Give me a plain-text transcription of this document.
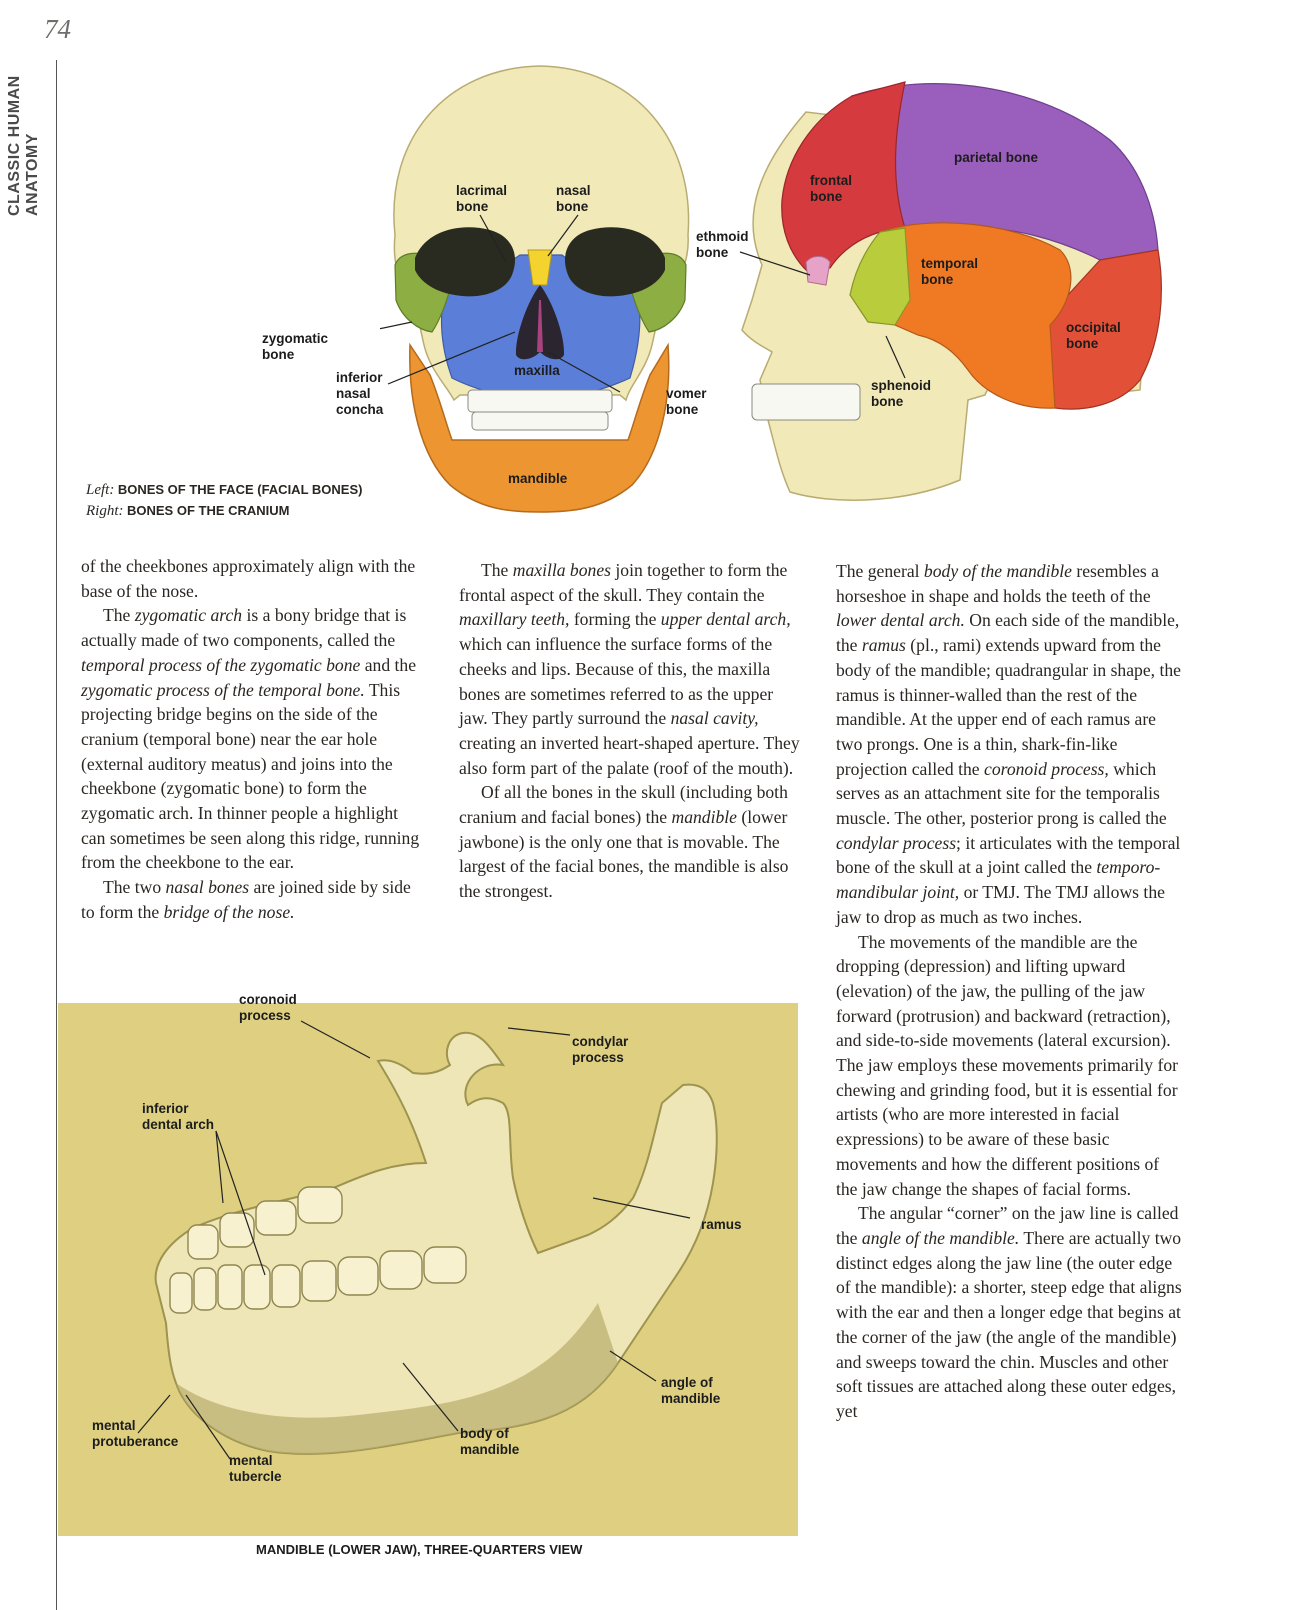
74
CLASSIC HUMAN ANATOMY	lacrimal
bone
nasal
bone
zygomatic
bone
inferior
nasal
concha
maxilla
vomer
bone
mandible
parietal bone
frontal
bone
ethmoid
bone
temporal
bone
occipital
bone
sphenoid
bone
Left: BONES OF THE FACE (FACIAL BONES)
Right: BONES OF THE CRANIUM

of the cheekbones approximately align with the base of the nose.

The zygomatic arch is a bony bridge that is actually made of two components, called the temporal process of the zygomatic bone and the zygomatic process of the temporal bone. This projecting bridge begins on the side of the cranium (temporal bone) near the ear hole (external auditory meatus) and joins into the cheekbone (zygomatic bone) to form the zygomatic arch. In thinner people a highlight can sometimes be seen along this ridge, running from the cheekbone to the ear.

The two nasal bones are joined side by side to form the bridge of the nose.

The maxilla bones join together to form the frontal aspect of the skull. They contain the maxillary teeth, forming the upper dental arch, which can influence the surface forms of the cheeks and lips. Because of this, the maxilla bones are sometimes referred to as the upper jaw. They partly surround the nasal cavity, creating an inverted heart-shaped aperture. They also form part of the palate (roof of the mouth).

Of all the bones in the skull (including both cranium and facial bones) the mandible (lower jawbone) is the only one that is movable. The largest of the facial bones, the mandible is also the strongest.

The general body of the mandible resembles a horseshoe in shape and holds the teeth of the lower dental arch. On each side of the mandible, the ramus (pl., rami) extends upward from the body of the mandible; quadrangular in shape, the ramus is thinner-walled than the rest of the mandible. At the upper end of each ramus are two prongs. One is a thin, shark-fin-like projection called the coronoid process, which serves as an attachment site for the temporalis muscle. The other, posterior prong is called the condylar process; it articulates with the temporal bone of the skull at a joint called the temporo-mandibular joint, or TMJ. The TMJ allows the jaw to drop as much as two inches.

The movements of the mandible are the dropping (depression) and lifting upward (elevation) of the jaw, the pulling of the jaw forward (protrusion) and backward (retraction), and side-to-side movements (lateral excursion). The jaw employs these movements primarily for chewing and grinding food, but it is essential for artists (who are more interested in facial expressions) to be aware of these basic movements and how the different positions of the jaw change the shapes of facial forms.

The angular “corner” on the jaw line is called the angle of the mandible. There are actually two distinct edges along the jaw line (the outer edge of the mandible): a shorter, steep edge that aligns with the ear and then a longer edge that begins at the corner of the jaw (the angle of the mandible) and sweeps toward the chin. Muscles and other soft tissues are attached along these outer edges, yet

coronoid
process
condylar
process
inferior
dental arch
ramus
angle of
mandible
body of
mandible
mental
protuberance
mental
tubercle
MANDIBLE (LOWER JAW), THREE-QUARTERS VIEW
